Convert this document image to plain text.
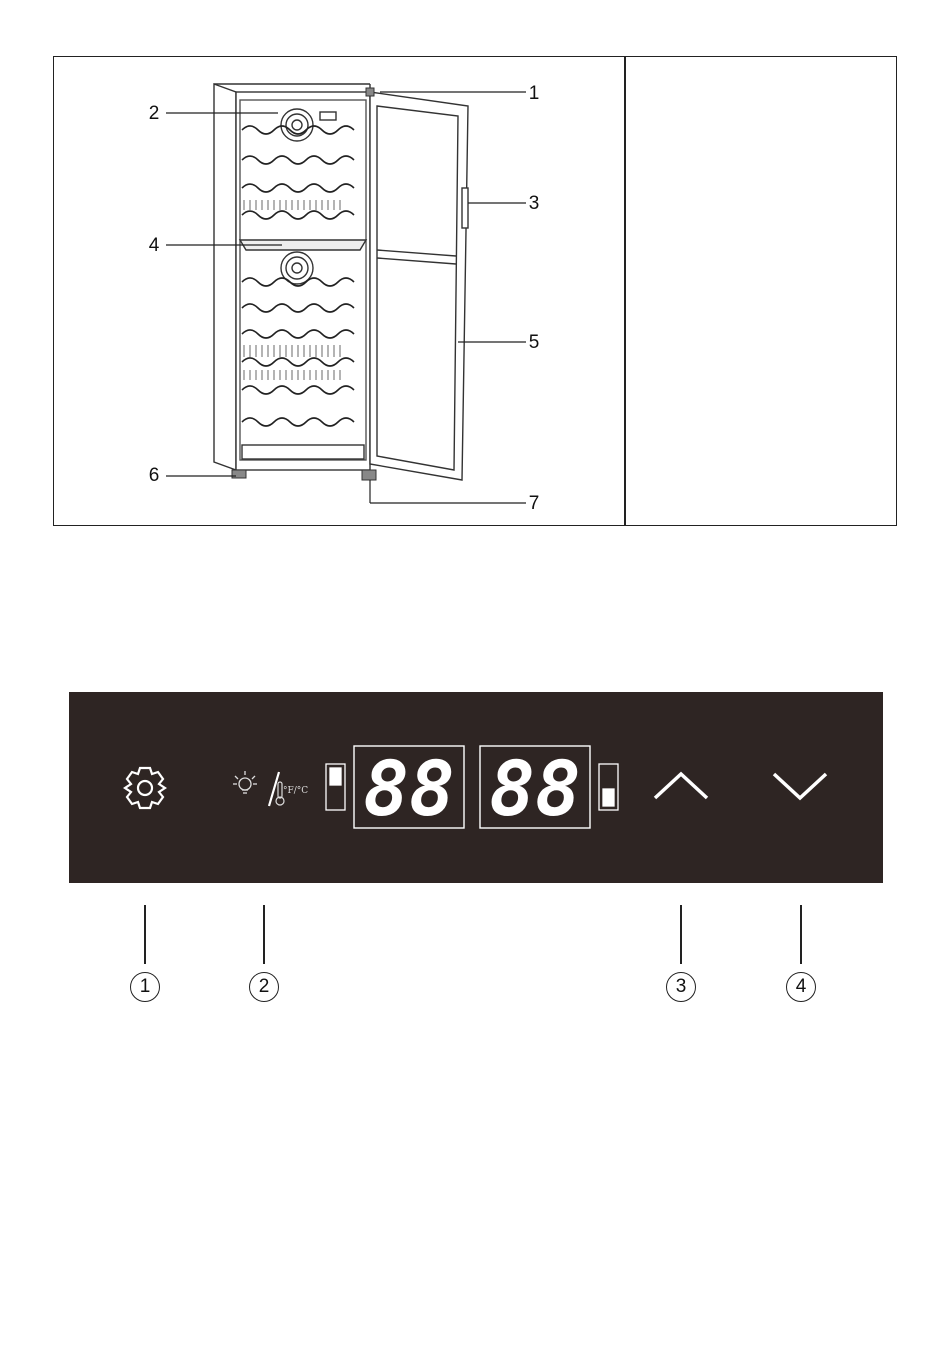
1
2
3
4
5
6
7
°F/°C 88 88
1	2	3	4
